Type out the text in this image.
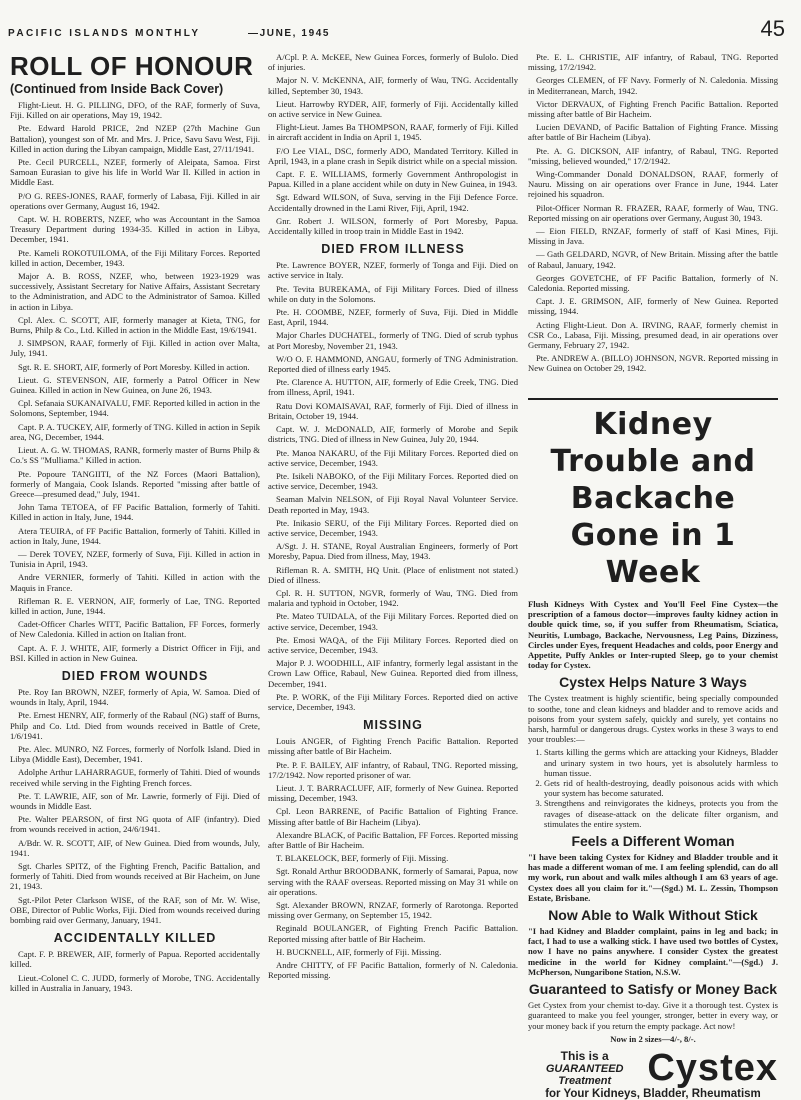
PACIFIC ISLANDS MONTHLY	—JUNE, 1945	45
ROLL OF HONOUR
(Continued from Inside Back Cover)

Flight-Lieut. H. G. PILLING, DFO, of the RAF, formerly of Suva, Fiji. Killed on air operations, May 19, 1942.

Pte. Edward Harold PRICE, 2nd NZEP (27th Machine Gun Battalion), youngest son of Mr. and Mrs. J. Price, Savu Savu West, Fiji. Killed in action during the Libyan campaign, Middle East, 27/11/1941.

Pte. Cecil PURCELL, NZEF, formerly of Aleipata, Samoa. First Samoan Eurasian to give his life in World War II. Killed in action in Middle East.

P/O G. REES-JONES, RAAF, formerly of Labasa, Fiji. Killed in air operations over Germany, August 16, 1942.

Capt. W. H. ROBERTS, NZEF, who was Accountant in the Samoa Treasury Department during 1934-35. Killed in action in Libya, December, 1941.

Pte. Kameli ROKOTUILOMA, of the Fiji Military Forces. Reported killed in action, December, 1943.

Major A. B. ROSS, NZEF, who, between 1923-1929 was successively, Assistant Secretary for Native Affairs, Assistant Secretary to the Administration, and ADC to the Administrator of Samoa. Killed in action in Libya.

Cpl. Alex. C. SCOTT, AIF, formerly manager at Kieta, TNG, for Burns, Philp & Co., Ltd. Killed in action in the Middle East, 19/6/1941.

J. SIMPSON, RAAF, formerly of Fiji. Killed in action over Malta, July, 1941.

Sgt. R. E. SHORT, AIF, formerly of Port Moresby. Killed in action.

Lieut. G. STEVENSON, AIF, formerly a Patrol Officer in New Guinea. Killed in action in New Guinea, on June 26, 1943.

Cpl. Sefanaia SUKANAIVALU, FMF. Reported killed in action in the Solomons, September, 1944.

Capt. P. A. TUCKEY, AIF, formerly of TNG. Killed in action in Sepik area, NG, December, 1944.

Lieut. A. G. W. THOMAS, RANR, formerly master of Burns Philp & Co.'s SS "Mulliama." Killed in action.

Pte. Popoure TANGIITI, of the NZ Forces (Maori Battalion), formerly of Mangaia, Cook Islands. Reported "missing after battle of Greece—presumed dead," July, 1941.

John Tama TETOEA, of FF Pacific Battalion, formerly of Tahiti. Killed in action in Italy, June, 1944.

Atera TEUIRA, of FF Pacific Battalion, formerly of Tahiti. Killed in action in Italy, June, 1944.

— Derek TOVEY, NZEF, formerly of Suva, Fiji. Killed in action in Tunisia in April, 1943.

Andre VERNIER, formerly of Tahiti. Killed in action with the Maquis in France.

Rifleman R. E. VERNON, AIF, formerly of Lae, TNG. Reported killed in action, June, 1944.

Cadet-Officer Charles WITT, Pacific Battalion, FF Forces, formerly of New Caledonia. Killed in action on Italian front.

Capt. A. F. J. WHITE, AIF, formerly a District Officer in Fiji, and BSI. Killed in action in New Guinea.

DIED FROM WOUNDS

Pte. Roy Ian BROWN, NZEF, formerly of Apia, W. Samoa. Died of wounds in Italy, April, 1944.

Pte. Ernest HENRY, AIF, formerly of the Rabaul (NG) staff of Burns, Philp and Co. Ltd. Died from wounds received in Battle of Crete, 1/6/1941.

Pte. Alec. MUNRO, NZ Forces, formerly of Norfolk Island. Died in Libya (Middle East), December, 1941.

Adolphe Arthur LAHARRAGUE, formerly of Tahiti. Died of wounds received while serving in the Fighting French forces.

Pte. T. LAWRIE, AIF, son of Mr. Lawrie, formerly of Fiji. Died of wounds in Middle East.

Pte. Walter PEARSON, of first NG quota of AIF (infantry). Died from wounds received in action, 24/6/1941.

A/Bdr. W. R. SCOTT, AIF, of New Guinea. Died from wounds, July, 1941.

Sgt. Charles SPITZ, of the Fighting French, Pacific Battalion, and formerly of Tahiti. Died from wounds received at Bir Hacheim, on June 21, 1943.

Sgt.-Pilot Peter Clarkson WISE, of the RAF, son of Mr. W. Wise, OBE, Director of Public Works, Fiji. Died from wounds received during bombing raid over Germany, January, 1941.

ACCIDENTALLY KILLED

Capt. F. P. BREWER, AIF, formerly of Papua. Reported accidentally killed.

Lieut.-Colonel C. C. JUDD, formerly of Morobe, TNG. Accidentally killed in Australia in January, 1943.

A/Cpl. P. A. McKEE, New Guinea Forces, formerly of Bulolo. Died of injuries.

Major N. V. McKENNA, AIF, formerly of Wau, TNG. Accidentally killed, September 30, 1943.

Lieut. Harrowby RYDER, AIF, formerly of Fiji. Accidentally killed on active service in New Guinea.

Flight-Lieut. James Ba THOMPSON, RAAF, formerly of Fiji. Killed in aircraft accident in India on April 1, 1945.

F/O Lee VIAL, DSC, formerly ADO, Mandated Territory. Killed in April, 1943, in a plane crash in Sepik district while on a special mission.

Capt. F. E. WILLIAMS, formerly Government Anthropologist in Papua. Killed in a plane accident while on duty in New Guinea, in 1943.

Sgt. Edward WILSON, of Suva, serving in the Fiji Defence Force. Accidentally drowned in the Lami River, Fiji, April, 1942.

Gnr. Robert J. WILSON, formerly of Port Moresby, Papua. Accidentally killed in troop train in Middle East in 1942.

DIED FROM ILLNESS

Pte. Lawrence BOYER, NZEF, formerly of Tonga and Fiji. Died on active service in Italy.

Pte. Tevita BUREKAMA, of Fiji Military Forces. Died of illness while on duty in the Solomons.

Pte. H. COOMBE, NZEF, formerly of Suva, Fiji. Died in Middle East, April, 1944.

Major Charles DUCHATEL, formerly of TNG. Died of scrub typhus at Port Moresby, November 21, 1943.

W/O O. F. HAMMOND, ANGAU, formerly of TNG Administration. Reported died of illness early 1945.

Pte. Clarence A. HUTTON, AIF, formerly of Edie Creek, TNG. Died from illness, April, 1941.

Ratu Dovi KOMAISAVAI, RAF, formerly of Fiji. Died of illness in Britain, October 19, 1944.

Capt. W. J. McDONALD, AIF, formerly of Morobe and Sepik districts, TNG. Died of illness in New Guinea, July 20, 1944.

Pte. Manoa NAKARU, of the Fiji Military Forces. Reported died on active service, December, 1943.

Pte. Isikeli NABOKO, of the Fiji Military Forces. Reported died on active service, December, 1943.

Seaman Malvin NELSON, of Fiji Royal Naval Volunteer Service. Death reported in May, 1943.

Pte. Inikasio SERU, of the Fiji Military Forces. Reported died on active service, December, 1943.

A/Sgt. J. H. STANE, Royal Australian Engineers, formerly of Port Moresby, Papua. Died from illness, May, 1943.

Rifleman R. A. SMITH, HQ Unit. (Place of enlistment not stated.) Died of illness.

Cpl. R. H. SUTTON, NGVR, formerly of Wau, TNG. Died from malaria and typhoid in October, 1942.

Pte. Mateo TUIDALA, of the Fiji Military Forces. Reported died on active service, December, 1943.

Pte. Emosi WAQA, of the Fiji Military Forces. Reported died on active service, December, 1943.

Major P. J. WOODHILL, AIF infantry, formerly legal assistant in the Crown Law Office, Rabaul, New Guinea. Reported died from illness, December, 1941.

Pte. P. WORK, of the Fiji Military Forces. Reported died on active service, December, 1943.

MISSING

Louis ANGER, of Fighting French Pacific Battalion. Reported missing after battle of Bir Hacheim.

Pte. P. F. BAILEY, AIF infantry, of Rabaul, TNG. Reported missing, 17/2/1942. Now reported prisoner of war.

Lieut. J. T. BARRACLUFF, AIF, formerly of New Guinea. Reported missing, December, 1943.

Cpl. Leon BARRENE, of Pacific Battalion of Fighting France. Missing after battle of Bir Hacheim (Libya).

Alexandre BLACK, of Pacific Battalion, FF Forces. Reported missing after Battle of Bir Hacheim.

T. BLAKELOCK, BEF, formerly of Fiji. Missing.

Sgt. Ronald Arthur BROODBANK, formerly of Samarai, Papua, now serving with the RAAF overseas. Reported missing on May 31 while on air operations.

Sgt. Alexander BROWN, RNZAF, formerly of Rarotonga. Reported missing over Germany, on September 15, 1942.

Reginald BOULANGER, of Fighting French Pacific Battalion. Reported missing after battle of Bir Hacheim.

H. BUCKNELL, AIF, formerly of Fiji. Missing.

Andre CHITTY, of FF Pacific Battalion, formerly of N. Caledonia. Reported missing.

Pte. E. L. CHRISTIE, AIF infantry, of Rabaul, TNG. Reported missing, 17/2/1942.

Georges CLEMEN, of FF Navy. Formerly of N. Caledonia. Missing in Mediterranean, March, 1942.

Victor DERVAUX, of Fighting French Pacific Battalion. Reported missing after battle of Bir Hacheim.

Lucien DEVAND, of Pacific Battalion of Fighting France. Missing after battle of Bir Hacheim (Libya).

Pte. A. G. DICKSON, AIF infantry, of Rabaul, TNG. Reported "missing, believed wounded," 17/2/1942.

Wing-Commander Donald DONALDSON, RAAF, formerly of Nauru. Missing on air operations over France in June, 1944. Later rejoined his squadron.

Pilot-Officer Norman R. FRAZER, RAAF, formerly of Wau, TNG. Reported missing on air operations over Germany, August 30, 1943.

— Eion FIELD, RNZAF, formerly of staff of Kasi Mines, Fiji. Missing in Java.

— Gath GELDARD, NGVR, of New Britain. Missing after the battle of Rabaul, January, 1942.

Georges GOVETCHE, of FF Pacific Battalion, formerly of N. Caledonia. Reported missing.

Capt. J. E. GRIMSON, AIF, formerly of New Guinea. Reported missing, 1944.

Acting Flight-Lieut. Don A. IRVING, RAAF, formerly chemist in CSR Co., Labasa, Fiji. Missing, presumed dead, in air operations over Germany, February 27, 1942.

Pte. ANDREW A. (BILLO) JOHNSON, NGVR. Reported missing in New Guinea on October 29, 1942.

Kidney Trouble and Backache Gone in 1 Week

Flush Kidneys With Cystex and You'll Feel Fine Cystex—the prescription of a famous doctor—improves faulty kidney action in double quick time, so, if you suffer from Rheumatism, Sciatica, Neuritis, Lumbago, Backache, Nervousness, Leg Pains, Dizziness, Circles under Eyes, frequent Headaches and colds, poor Energy and Appetite, Puffy Ankles or Inter-rupted Sleep, go to your chemist today for Cystex.

Cystex Helps Nature 3 Ways

The Cystex treatment is highly scientific, being specially compounded to soothe, tone and clean kidneys and bladder and to remove acids and poisons from your system safely, quickly and surely, yet contains no harsh, harmful or dangerous drugs. Cystex works in these 3 ways to end your troubles:—

1. Starts killing the germs which are attacking your Kidneys, Bladder and urinary system in two hours, yet is absolutely harmless to human tissue.
2. Gets rid of health-destroying, deadly poisonous acids with which your system has become saturated.
3. Strengthens and reinvigorates the kidneys, protects you from the ravages of disease-attack on the delicate filter organism, and stimulates the entire system.
Feels a Different Woman

"I have been taking Cystex for Kidney and Bladder trouble and it has made a different woman of me. I am feeling splendid, can do all my work, run about and walk miles although I am 63 years of age. Cystex does all you claim for it."—(Sgd.) M. L. Zessin, Thompson Estate, Brisbane.

Now Able to Walk Without Stick

"I had Kidney and Bladder complaint, pains in leg and back; in fact, I had to use a walking stick. I have used two bottles of Cystex, now I have no pains anywhere. I consider Cystex the greatest medicine in the world for Kidney complaint."—(Sgd.) J. McPherson, Nungaribone Station, N.S.W.

Guaranteed to Satisfy or Money Back

Get Cystex from your chemist to-day. Give it a thorough test. Cystex is guaranteed to make you feel younger, stronger, better in every way, or your money back if you return the empty package. Act now!

Now in 2 sizes—4/-, 8/-.

This is a
GUARANTEED Treatment Cystex
for Your Kidneys, Bladder, Rheumatism
